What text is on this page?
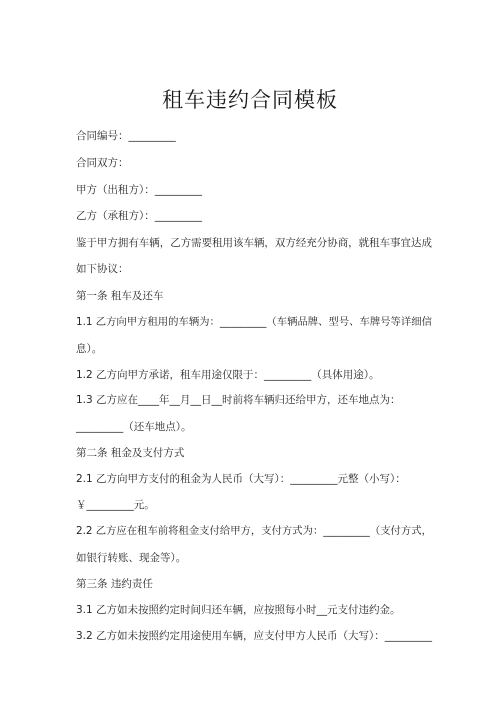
租车违约合同模板
合同编号：_________
合同双方：
甲方（出租方）：_________
乙方（承租方）：_________
鉴于甲方拥有车辆，乙方需要租用该车辆，双方经充分协商，就租车事宜达成
如下协议：
第一条 租车及还车
1.1 乙方向甲方租用的车辆为：_________（车辆品牌、型号、车牌号等详细信
息）。
1.2 乙方向甲方承诺，租车用途仅限于：_________（具体用途）。
1.3 乙方应在____年__月__日__时前将车辆归还给甲方，还车地点为：
_________（还车地点）。
第二条 租金及支付方式
2.1 乙方向甲方支付的租金为人民币（大写）：_________元整（小写）：
￥_________元。
2.2 乙方应在租车前将租金支付给甲方，支付方式为：_________（支付方式，
如银行转账、现金等）。
第三条 违约责任
3.1 乙方如未按照约定时间归还车辆，应按照每小时__元支付违约金。
3.2 乙方如未按照约定用途使用车辆，应支付甲方人民币（大写）：_________
